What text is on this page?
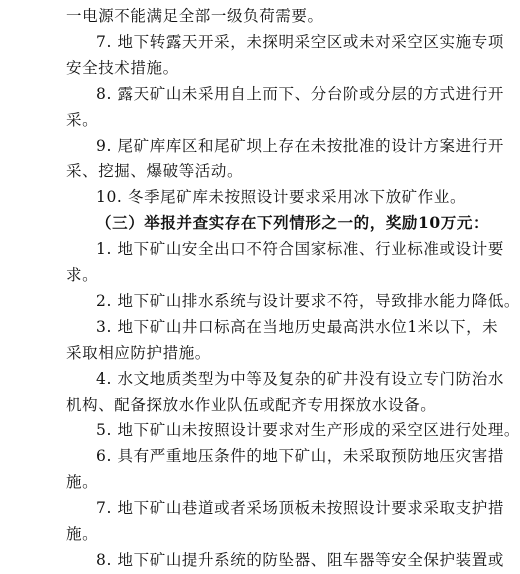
一电源不能满足全部一级负荷需要。
7. 地下转露天开采，未探明采空区或未对采空区实施专项
安全技术措施。
8. 露天矿山未采用自上而下、分台阶或分层的方式进行开
采。
9. 尾矿库库区和尾矿坝上存在未按批准的设计方案进行开
采、挖掘、爆破等活动。
10. 冬季尾矿库未按照设计要求采用冰下放矿作业。
（三）举报并查实存在下列情形之一的，奖励10万元：
1. 地下矿山安全出口不符合国家标准、行业标准或设计要
求。
2. 地下矿山排水系统与设计要求不符，导致排水能力降低。
3. 地下矿山井口标高在当地历史最高洪水位1米以下，未
采取相应防护措施。
4. 水文地质类型为中等及复杂的矿井没有设立专门防治水
机构、配备探放水作业队伍或配齐专用探放水设备。
5. 地下矿山未按照设计要求对生产形成的采空区进行处理。
6. 具有严重地压条件的地下矿山，未采取预防地压灾害措
施。
7. 地下矿山巷道或者采场顶板未按照设计要求采取支护措
施。
8. 地下矿山提升系统的防坠器、阻车器等安全保护装置或
